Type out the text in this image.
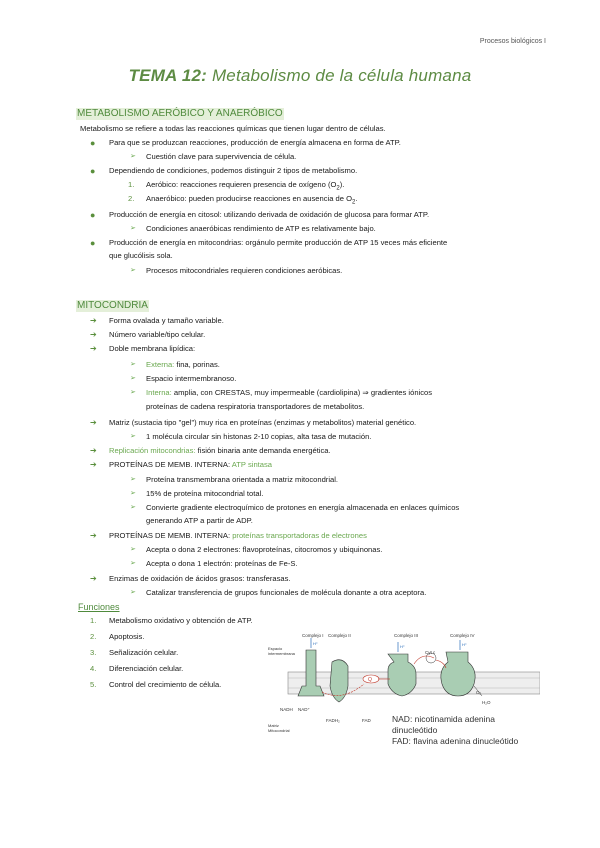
Procesos biológicos I
TEMA 12: Metabolismo de la célula humana
METABOLISMO AERÓBICO Y ANAERÓBICO
Metabolismo se refiere a todas las reacciones químicas que tienen lugar dentro de células.
● Para que se produzcan reacciones, producción de energía almacena en forma de ATP.
➢ Cuestión clave para supervivencia de célula.
● Dependiendo de condiciones, podemos distinguir 2 tipos de metabolismo.
1. Aeróbico: reacciones requieren presencia de oxígeno $(O_2)$.
2. Anaeróbico: pueden producirse reacciones en ausencia de $O_2$.
● Producción de energía en citosol: utilizando derivada de oxidación de glucosa para formar ATP.
➢ Condiciones anaeróbicas rendimiento de ATP es relativamente bajo.
● Producción de energía en mitocondrias: orgánulo permite producción de ATP 15 veces más eficiente
que glucólisis sola.
➢ Procesos mitocondriales requieren condiciones aeróbicas.
MITOCONDRIA
➔ Forma ovalada y tamaño variable.
➔ Número variable/tipo celular.
➔ Doble membrana lipídica:
➢ Externa: fina, porinas.
➢ Espacio intermembranoso.
➢ Interna: amplia, con CRESTAS, muy impermeable (cardiolipina) ⇒ gradientes iónicos
proteínas de cadena respiratoria transportadores de metabolitos.
➔ Matriz (sustacia tipo "gel") muy rica en proteínas (enzimas y metabolitos) material genético.
➢ 1 molécula circular sin histonas 2-10 copias, alta tasa de mutación.
➔ Replicación mitocondrias: fisión binaria ante demanda energética.
➔ PROTEÍNAS DE MEMB. INTERNA: ATP sintasa
➢ Proteína transmembrana orientada a matriz mitocondrial.
➢ 15% de proteína mitocondrial total.
➢ Convierte gradiente electroquímico de protones en energía almacenada en enlaces químicos
generando ATP a partir de ADP.
➔ PROTEÍNAS DE MEMB. INTERNA: proteínas transportadoras de electrones
➢ Acepta o dona 2 electrones: flavoproteínas, citocromos y ubiquinonas.
➢ Acepta o dona 1 electrón: proteínas de Fe-S.
➔ Enzimas de oxidación de ácidos grasos: transferasas.
➢ Catalizar transferencia de grupos funcionales de molécula donante a otra aceptora.
Funciones
1. Metabolismo oxidativo y obtención de ATP.
2. Apoptosis.
3. Señalización celular.
4. Diferenciación celular.
5. Control del crecimiento de célula.	Q
Cyt c
Complejo I Complejo II	Complejo III	Complejo IV
Espacio
intermembrana
Matriz
Mitocondrial
NADH NAD⁺
FADH₂	FAD
H⁺
H⁺	H⁺
O₂
H₂O
NAD: nicotinamida adenina
dinucleótido
FAD: flavina adenina dinucleótido
